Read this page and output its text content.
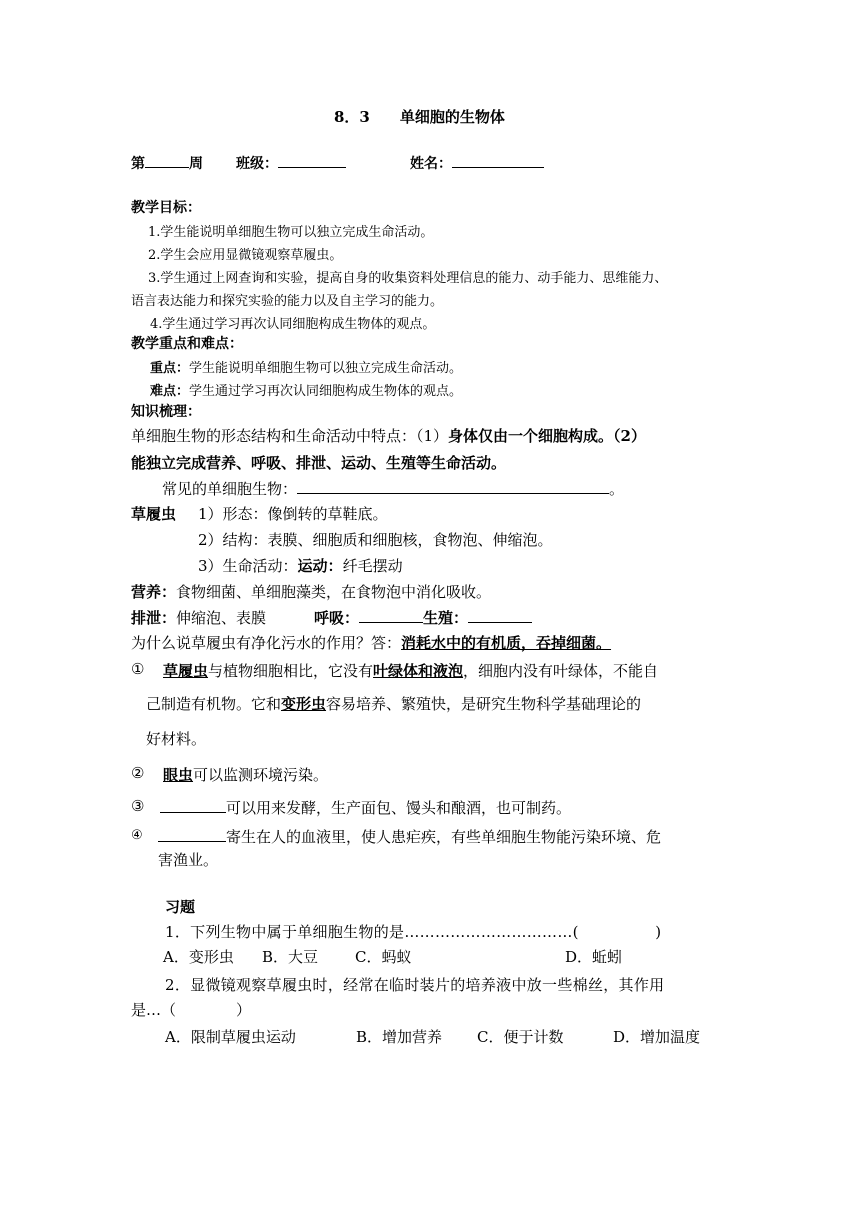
8．3　　单细胞的生物体
第	周 班级：	姓名：
教学目标：
1.学生能说明单细胞生物可以独立完成生命活动。
2.学生会应用显微镜观察草履虫。
3.学生通过上网查询和实验，提高自身的收集资料处理信息的能力、动手能力、思维能力、
语言表达能力和探究实验的能力以及自主学习的能力。
4.学生通过学习再次认同细胞构成生物体的观点。
教学重点和难点：
重点：学生能说明单细胞生物可以独立完成生命活动。
难点：学生通过学习再次认同细胞构成生物体的观点。
知识梳理：
单细胞生物的形态结构和生命活动中特点：（1）身体仅由一个细胞构成。（2）
能独立完成营养、呼吸、排泄、运动、生殖等生命活动。
常见的单细胞生物：	。
草履虫 1）形态：像倒转的草鞋底。
2）结构：表膜、细胞质和细胞核，食物泡、伸缩泡。
3）生命活动：运动：纤毛摆动
营养：食物细菌、单细胞藻类，在食物泡中消化吸收。
排泄：伸缩泡、表膜	呼吸：	生殖：
为什么说草履虫有净化污水的作用？答：消耗水中的有机质，吞掉细菌。
① 草履虫与植物细胞相比，它没有叶绿体和液泡，细胞内没有叶绿体，不能自
己制造有机物。它和变形虫容易培养、繁殖快，是研究生物科学基础理论的
好材料。
② 眼虫可以监测环境污染。
③	可以用来发酵，生产面包、馒头和酿酒，也可制药。
④	寄生在人的血液里，使人患疟疾，有些单细胞生物能污染环境、危
害渔业。
习题
1．下列生物中属于单细胞生物的是……………………………(　　　　　)
A．变形虫 B．大豆 C．蚂蚁	D．蚯蚓
2．显微镜观察草履虫时，经常在临时装片的培养液中放一些棉丝，其作用
是…（　　　　）
A．限制草履虫运动	B．增加营养 C．便于计数	D．增加温度
